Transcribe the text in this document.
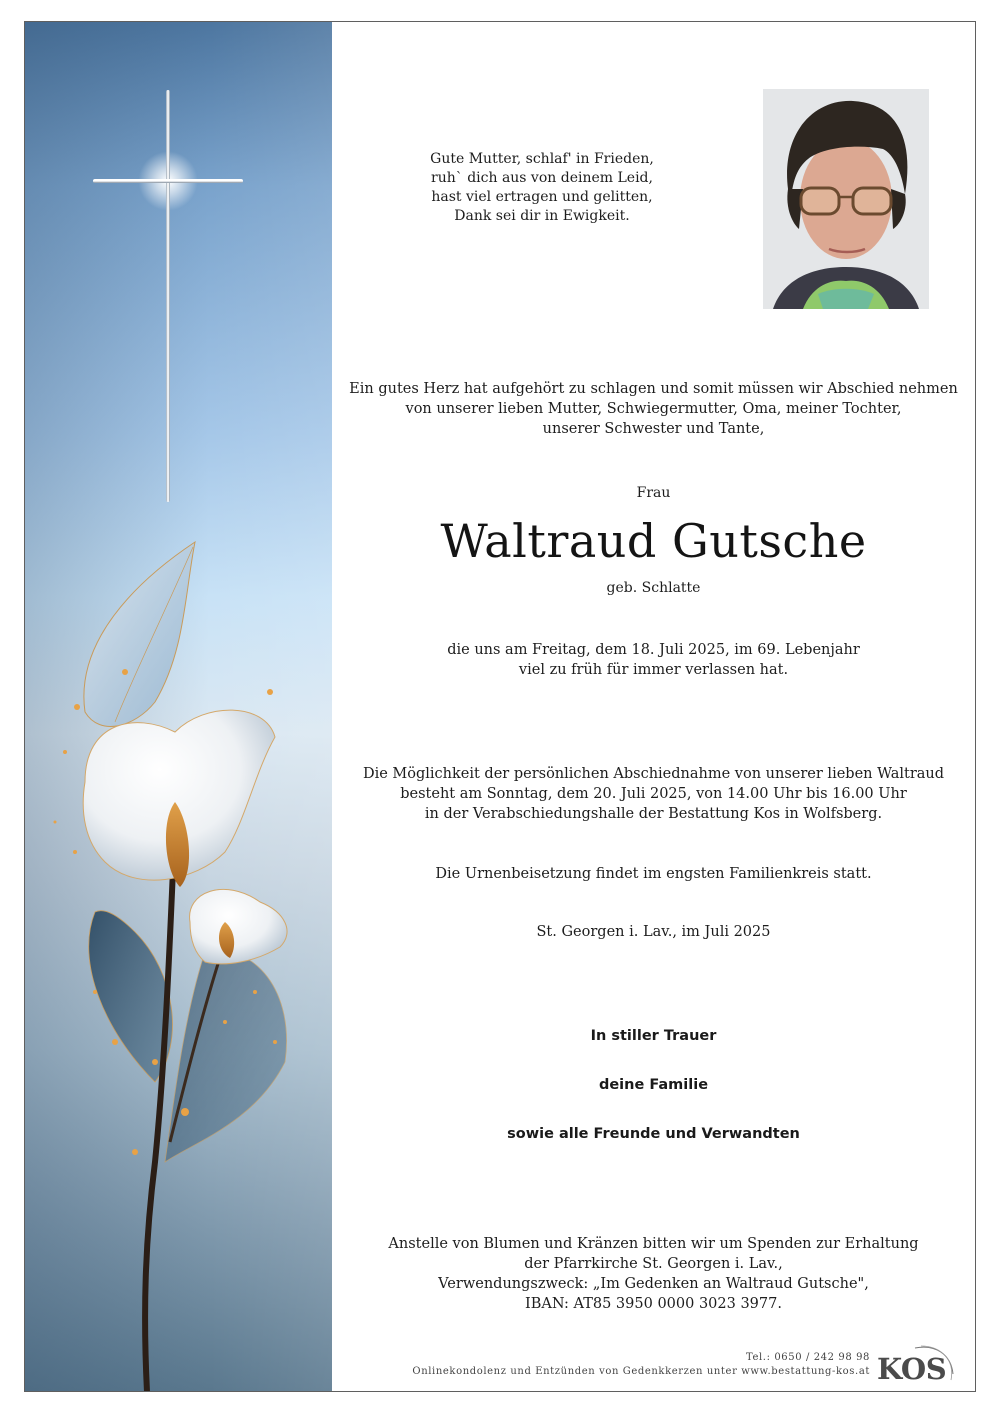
Gute Mutter, schlaf' in Frieden,
ruh` dich aus von deinem Leid,
hast viel ertragen und gelitten,
Dank sei dir in Ewigkeit.
Ein gutes Herz hat aufgehört zu schlagen und somit müssen wir Abschied nehmen
von unserer lieben Mutter, Schwiegermutter, Oma, meiner Tochter,
unserer Schwester und Tante,
Frau
Waltraud Gutsche
geb. Schlatte
die uns am Freitag, dem 18. Juli 2025, im 69. Lebenjahr
viel zu früh für immer verlassen hat.
Die Möglichkeit der persönlichen Abschiednahme von unserer lieben Waltraud
besteht am Sonntag, dem 20. Juli 2025, von 14.00 Uhr bis 16.00 Uhr
in der Verabschiedungshalle der Bestattung Kos in Wolfsberg.
Die Urnenbeisetzung findet im engsten Familienkreis statt.
St. Georgen i. Lav., im Juli 2025
In stiller Trauer
deine Familie
sowie alle Freunde und Verwandten
Anstelle von Blumen und Kränzen bitten wir um Spenden zur Erhaltung
der Pfarrkirche St. Georgen i. Lav.,
Verwendungszweck: „Im Gedenken an Waltraud Gutsche",
IBAN: AT85 3950 0000 3023 3977.
Tel.: 0650 / 242 98 98
Onlinekondolenz und Entzünden von Gedenkkerzen unter www.bestattung-kos.at KOS
